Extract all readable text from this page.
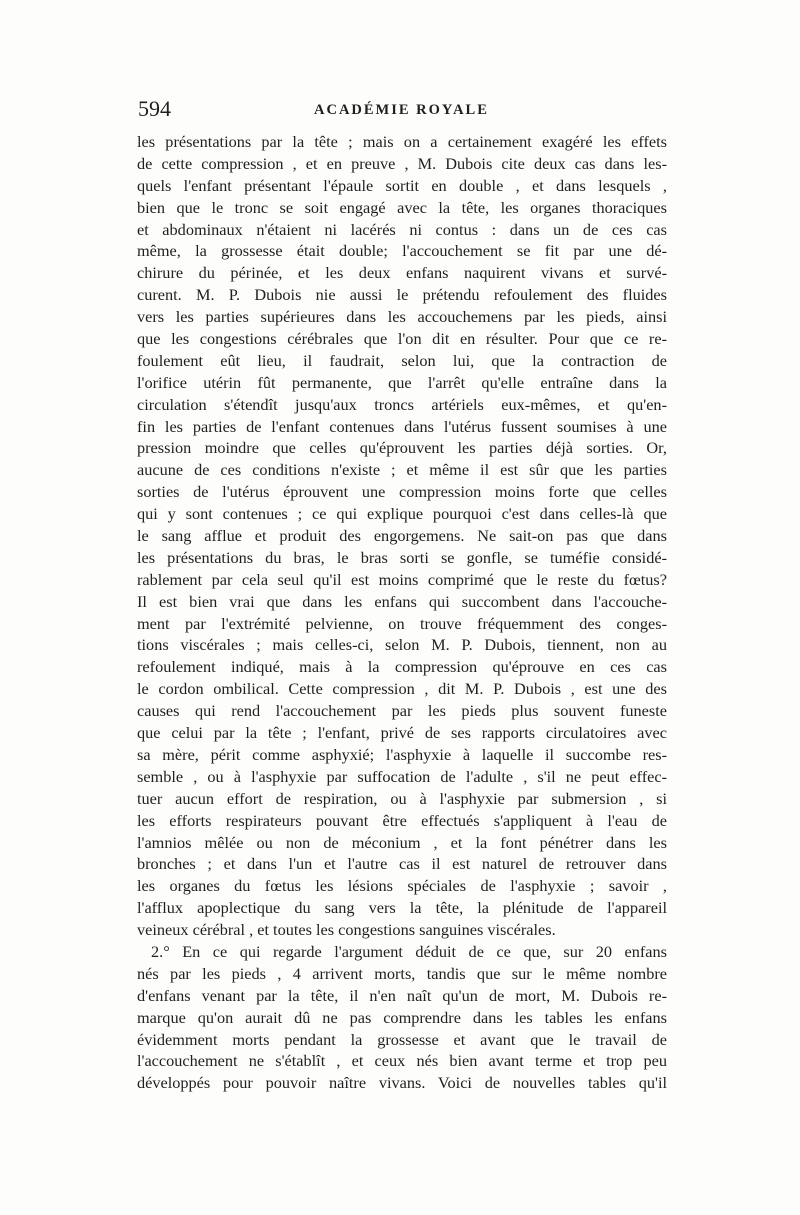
594	ACADÉMIE ROYALE
les présentations par la tête ; mais on a certainement exagéré les effets
de cette compression , et en preuve , M. Dubois cite deux cas dans les-
quels l'enfant présentant l'épaule sortit en double , et dans lesquels ,
bien que le tronc se soit engagé avec la tête, les organes thoraciques
et abdominaux n'étaient ni lacérés ni contus : dans un de ces cas
même, la grossesse était double; l'accouchement se fit par une dé-
chirure du périnée, et les deux enfans naquirent vivans et survé-
curent. M. P. Dubois nie aussi le prétendu refoulement des fluides
vers les parties supérieures dans les accouchemens par les pieds, ainsi
que les congestions cérébrales que l'on dit en résulter. Pour que ce re-
foulement eût lieu, il faudrait, selon lui, que la contraction de
l'orifice utérin fût permanente, que l'arrêt qu'elle entraîne dans la
circulation s'étendît jusqu'aux troncs artériels eux-mêmes, et qu'en-
fin les parties de l'enfant contenues dans l'utérus fussent soumises à une
pression moindre que celles qu'éprouvent les parties déjà sorties. Or,
aucune de ces conditions n'existe ; et même il est sûr que les parties
sorties de l'utérus éprouvent une compression moins forte que celles
qui y sont contenues ; ce qui explique pourquoi c'est dans celles-là que
le sang afflue et produit des engorgemens. Ne sait-on pas que dans
les présentations du bras, le bras sorti se gonfle, se tuméfie considé-
rablement par cela seul qu'il est moins comprimé que le reste du fœtus?
Il est bien vrai que dans les enfans qui succombent dans l'accouche-
ment par l'extrémité pelvienne, on trouve fréquemment des conges-
tions viscérales ; mais celles-ci, selon M. P. Dubois, tiennent, non au
refoulement indiqué, mais à la compression qu'éprouve en ces cas
le cordon ombilical. Cette compression , dit M. P. Dubois , est une des
causes qui rend l'accouchement par les pieds plus souvent funeste
que celui par la tête ; l'enfant, privé de ses rapports circulatoires avec
sa mère, périt comme asphyxié; l'asphyxie à laquelle il succombe res-
semble , ou à l'asphyxie par suffocation de l'adulte , s'il ne peut effec-
tuer aucun effort de respiration, ou à l'asphyxie par submersion , si
les efforts respirateurs pouvant être effectués s'appliquent à l'eau de
l'amnios mêlée ou non de méconium , et la font pénétrer dans les
bronches ; et dans l'un et l'autre cas il est naturel de retrouver dans
les organes du fœtus les lésions spéciales de l'asphyxie ; savoir ,
l'afflux apoplectique du sang vers la tête, la plénitude de l'appareil
veineux cérébral , et toutes les congestions sanguines viscérales.
2.° En ce qui regarde l'argument déduit de ce que, sur 20 enfans
nés par les pieds , 4 arrivent morts, tandis que sur le même nombre
d'enfans venant par la tête, il n'en naît qu'un de mort, M. Dubois re-
marque qu'on aurait dû ne pas comprendre dans les tables les enfans
évidemment morts pendant la grossesse et avant que le travail de
l'accouchement ne s'établît , et ceux nés bien avant terme et trop peu
développés pour pouvoir naître vivans. Voici de nouvelles tables qu'il
